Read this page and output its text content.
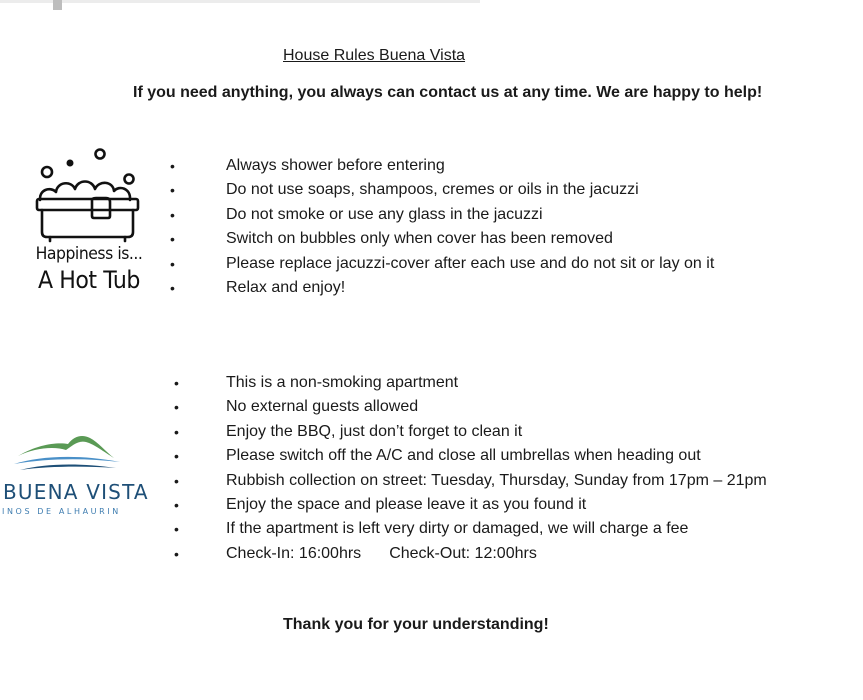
House Rules Buena Vista
If you need anything, you always can contact us at any time. We are happy to help!
Happiness is...
A Hot Tub
•	Always shower before entering
•	Do not use soaps, shampoos, cremes or oils in the jacuzzi
•	Do not smoke or use any glass in the jacuzzi
•	Switch on bubbles only when cover has been removed
•	Please replace jacuzzi-cover after each use and do not sit or lay on it
•	Relax and enjoy!
BUENA VISTA
INOS DE ALHAURIN
•	This is a non-smoking apartment
•	No external guests allowed
•	Enjoy the BBQ, just don’t forget to clean it
•	Please switch off the A/C and close all umbrellas when heading out
•	Rubbish collection on street: Tuesday, Thursday, Sunday from 17pm – 21pm
•	Enjoy the space and please leave it as you found it
•	If the apartment is left very dirty or damaged, we will charge a fee
•	Check-In: 16:00hrs Check-Out: 12:00hrs
Thank you for your understanding!
